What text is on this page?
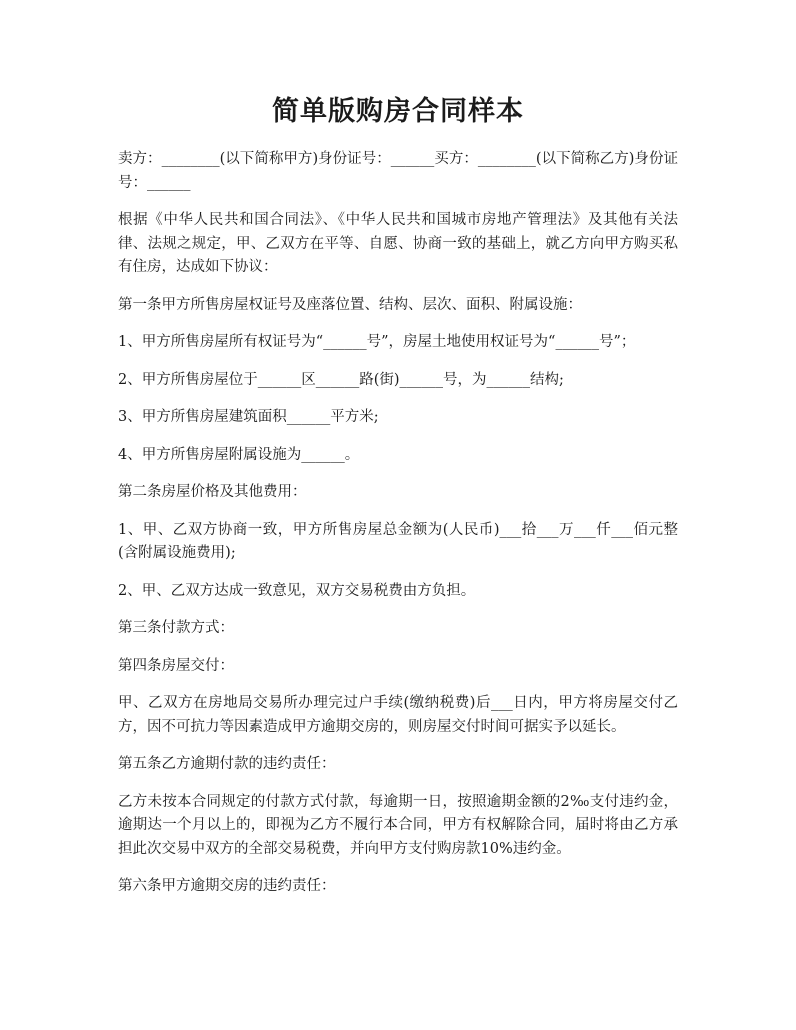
简单版购房合同样本

卖方：________(以下简称甲方)身份证号：______买方：________(以下简称乙方)身份证号：______

根据《中华人民共和国合同法》、《中华人民共和国城市房地产管理法》及其他有关法律、法规之规定，甲、乙双方在平等、自愿、协商一致的基础上，就乙方向甲方购买私有住房，达成如下协议：

第一条甲方所售房屋权证号及座落位置、结构、层次、面积、附属设施：

1、甲方所售房屋所有权证号为“______号”，房屋土地使用权证号为“______号”；

2、甲方所售房屋位于______区______路(街)______号，为______结构;

3、甲方所售房屋建筑面积______平方米;

4、甲方所售房屋附属设施为______。

第二条房屋价格及其他费用：

1、甲、乙双方协商一致，甲方所售房屋总金额为(人民币)___拾___万___仟___佰元整(含附属设施费用);

2、甲、乙双方达成一致意见，双方交易税费由方负担。

第三条付款方式：

第四条房屋交付：

甲、乙双方在房地局交易所办理完过户手续(缴纳税费)后___日内，甲方将房屋交付乙方，因不可抗力等因素造成甲方逾期交房的，则房屋交付时间可据实予以延长。

第五条乙方逾期付款的违约责任：

乙方未按本合同规定的付款方式付款，每逾期一日，按照逾期金额的2‰支付违约金，逾期达一个月以上的，即视为乙方不履行本合同，甲方有权解除合同，届时将由乙方承担此次交易中双方的全部交易税费，并向甲方支付购房款10%违约金。

第六条甲方逾期交房的违约责任：
